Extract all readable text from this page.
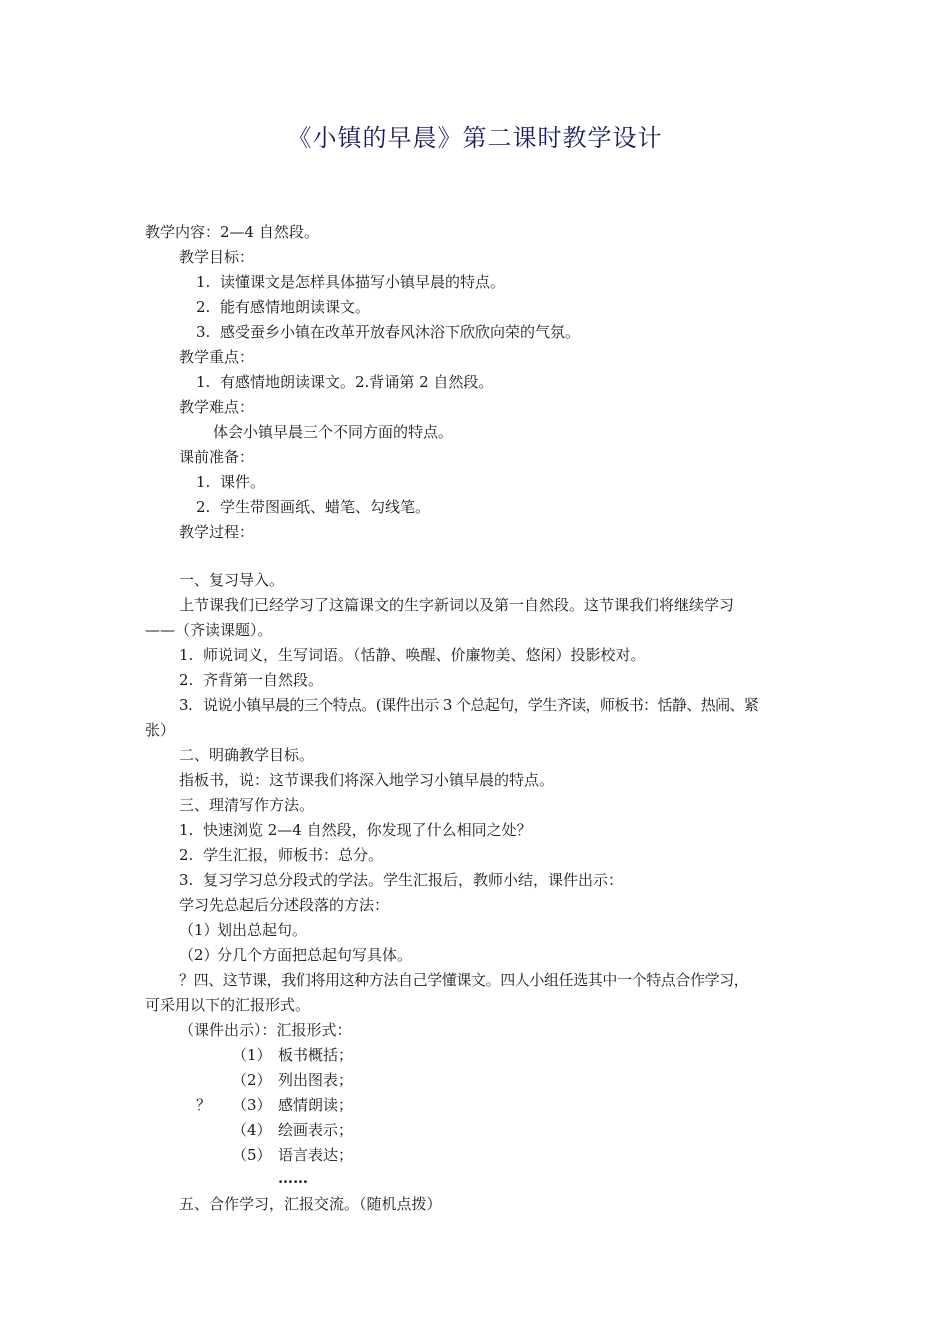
《小镇的早晨》第二课时教学设计
教学内容：2—4 自然段。
教学目标：
1. 读懂课文是怎样具体描写小镇早晨的特点。
2. 能有感情地朗读课文。
3. 感受蚕乡小镇在改革开放春风沐浴下欣欣向荣的气氛。
教学重点：
1. 有感情地朗读课文。2.背诵第 2 自然段。
教学难点：
体会小镇早晨三个不同方面的特点。
课前准备：
1. 课件。
2. 学生带图画纸、蜡笔、勾线笔。
教学过程：
一、复习导入。
上节课我们已经学习了这篇课文的生字新词以及第一自然段。这节课我们将继续学习
——（齐读课题）。
1. 师说词义，生写词语。（恬静、唤醒、价廉物美、悠闲）投影校对。
2. 齐背第一自然段。
3. 说说小镇早晨的三个特点。(课件出示 3 个总起句，学生齐读，师板书：恬静、热闹、紧
张）
二、明确教学目标。
指板书，说：这节课我们将深入地学习小镇早晨的特点。
三、理清写作方法。
1. 快速浏览 2—4 自然段，你发现了什么相同之处？
2. 学生汇报，师板书：总分。
3. 复习学习总分段式的学法。学生汇报后，教师小结，课件出示：
学习先总起后分述段落的方法：
（1）划出总起句。
（2）分几个方面把总起句写具体。
？四、这节课，我们将用这种方法自己学懂课文。四人小组任选其中一个特点合作学习，
可采用以下的汇报形式。
（课件出示）：汇报形式：
（1） 板书概括；
（2） 列出图表；
？ （3） 感情朗读；
（4） 绘画表示；
（5） 语言表达；
……
五、合作学习，汇报交流。（随机点拨）
